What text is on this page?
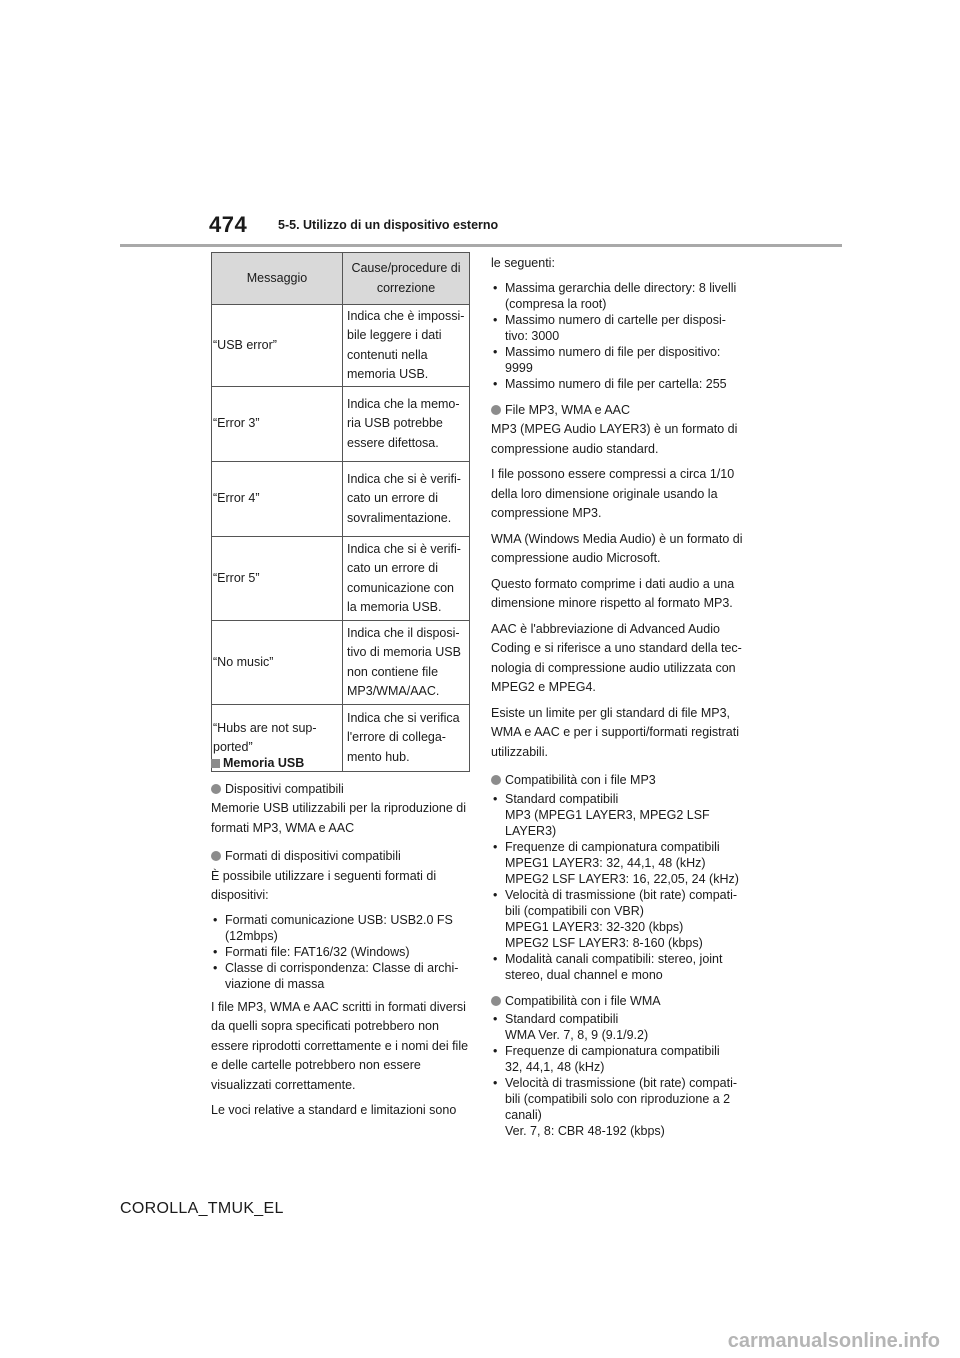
474 5-5. Utilizzo di un dispositivo esterno
Messaggio	Cause/procedure di
correzione
“USB error”	Indica che è impossi-
bile leggere i dati
contenuti nella
memoria USB.
“Error 3”	Indica che la memo-
ria USB potrebbe
essere difettosa.
“Error 4”	Indica che si è verifi-
cato un errore di
sovralimentazione.
“Error 5”	Indica che si è verifi-
cato un errore di
comunicazione con
la memoria USB.
“No music”	Indica che il disposi-
tivo di memoria USB
non contiene file
MP3/WMA/AAC.
“Hubs are not sup-
ported”	Indica che si verifica
l'errore di collega-
mento hub.

Memoria USB

Dispositivi compatibili

Memorie USB utilizzabili per la riproduzione di formati MP3, WMA e AAC

Formati di dispositivi compatibili

È possibile utilizzare i seguenti formati di dispositivi:

• Formati comunicazione USB: USB2.0 FS
(12mbps)
• Formati file: FAT16/32 (Windows)
• Classe di corrispondenza: Classe di archi-
viazione di massa

I file MP3, WMA e AAC scritti in formati diversi da quelli sopra specificati potrebbero non essere riprodotti correttamente e i nomi dei file e delle cartelle potrebbero non essere visualizzati correttamente.

Le voci relative a standard e limitazioni sono

le seguenti:

• Massima gerarchia delle directory: 8 livelli
(compresa la root)
• Massimo numero di cartelle per disposi-
tivo: 3000
• Massimo numero di file per dispositivo:
9999
• Massimo numero di file per cartella: 255

File MP3, WMA e AAC

MP3 (MPEG Audio LAYER3) è un formato di compressione audio standard.

I file possono essere compressi a circa 1/10 della loro dimensione originale usando la compressione MP3.

WMA (Windows Media Audio) è un formato di compressione audio Microsoft.

Questo formato comprime i dati audio a una dimensione minore rispetto al formato MP3.

AAC è l'abbreviazione di Advanced Audio Coding e si riferisce a uno standard della tec-nologia di compressione audio utilizzata con MPEG2 e MPEG4.

Esiste un limite per gli standard di file MP3, WMA e AAC e per i supporti/formati registrati utilizzabili.

Compatibilità con i file MP3

• Standard compatibili
MP3 (MPEG1 LAYER3, MPEG2 LSF
LAYER3)
• Frequenze di campionatura compatibili
MPEG1 LAYER3: 32, 44,1, 48 (kHz)
MPEG2 LSF LAYER3: 16, 22,05, 24 (kHz)
• Velocità di trasmissione (bit rate) compati-
bili (compatibili con VBR)
MPEG1 LAYER3: 32-320 (kbps)
MPEG2 LSF LAYER3: 8-160 (kbps)
• Modalità canali compatibili: stereo, joint
stereo, dual channel e mono

Compatibilità con i file WMA

• Standard compatibili
WMA Ver. 7, 8, 9 (9.1/9.2)
• Frequenze di campionatura compatibili
32, 44,1, 48 (kHz)
• Velocità di trasmissione (bit rate) compati-
bili (compatibili solo con riproduzione a 2
canali)
Ver. 7, 8: CBR 48-192 (kbps)
COROLLA_TMUK_EL
carmanualsonline.info
